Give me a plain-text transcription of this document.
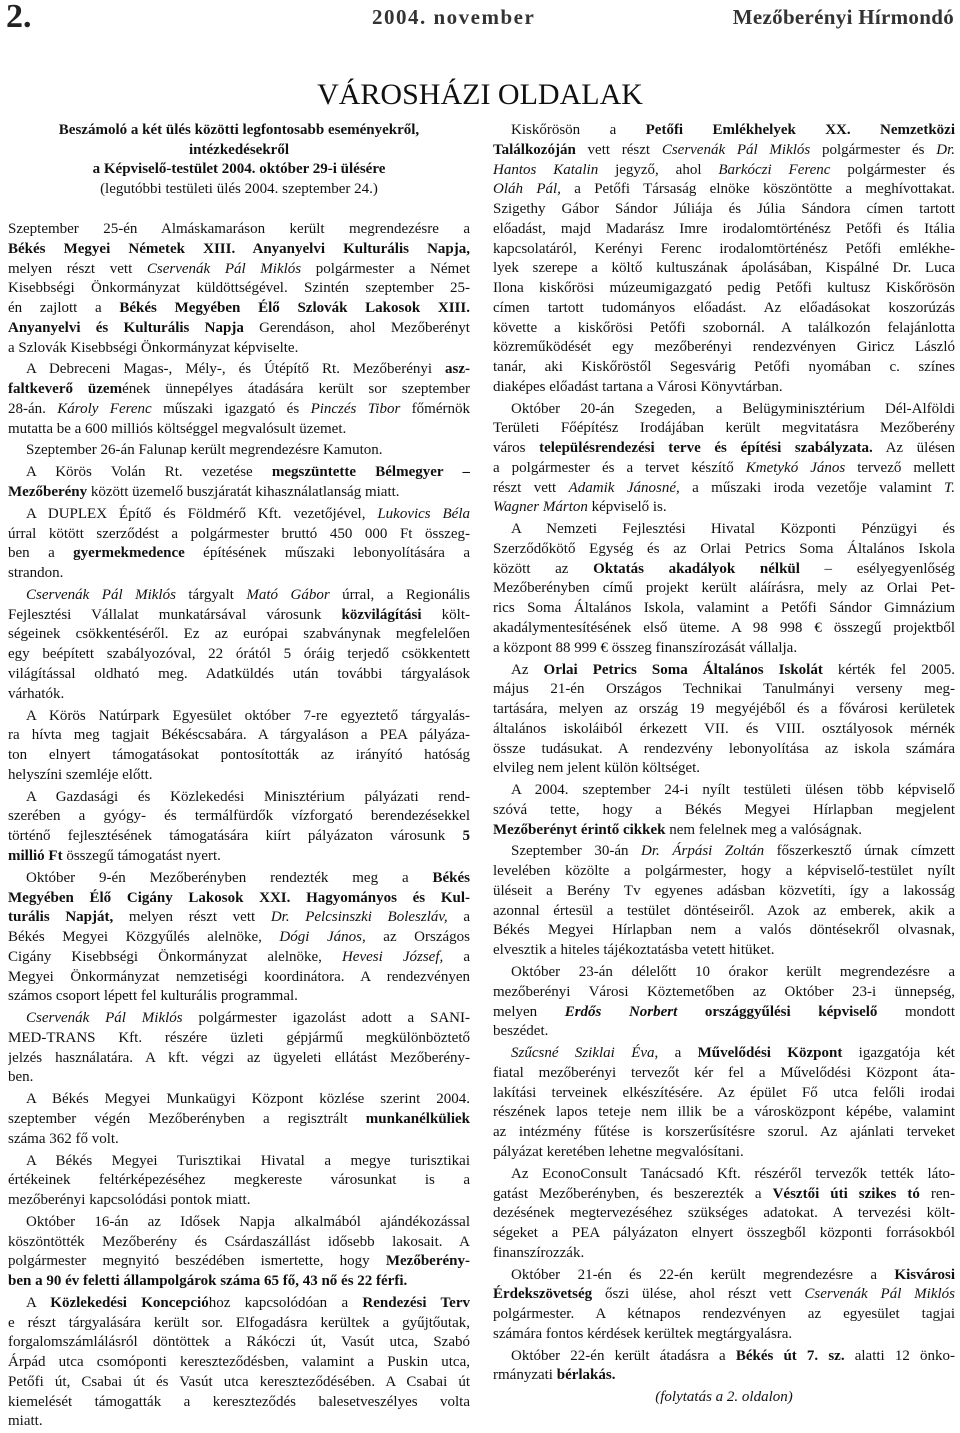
2.	2004. november	Mezőberényi Hírmondó
VÁROSHÁZI OLDALAK
Beszámoló a két ülés közötti legfontosabb eseményekről,
intézkedésekről
a Képviselő-testület 2004. október 29-i ülésére
(legutóbbi testületi ülés 2004. szeptember 24.)
Szeptember 25-én Almáskamaráson került megrendezésre a
Békés Megyei Németek XIII. Anyanyelvi Kulturális Napja,
melyen részt vett Cservenák Pál Miklós polgármester a Német
Kisebbségi Önkormányzat küldöttségével. Szintén szeptember 25-
én zajlott a Békés Megyében Élő Szlovák Lakosok XIII.
Anyanyelvi és Kulturális Napja Gerendáson, ahol Mezőberényt
a Szlovák Kisebbségi Önkormányzat képviselte.
A Debreceni Magas-, Mély-, és Útépítő Rt. Mezőberényi asz-
faltkeverő üzemének ünnepélyes átadására került sor szeptember
28-án. Károly Ferenc műszaki igazgató és Pinczés Tibor főmérnök
mutatta be a 600 milliós költséggel megvalósult üzemet.
Szeptember 26-án Falunap került megrendezésre Kamuton.
A Körös Volán Rt. vezetése megszüntette Bélmegyer –
Mezőberény között üzemelő buszjáratát kihasználatlanság miatt.
A DUPLEX Építő és Földmérő Kft. vezetőjével, Lukovics Béla
úrral kötött szerződést a polgármester bruttó 450 000 Ft összeg-
ben a gyermekmedence építésének műszaki lebonyolítására a
strandon.
Cservenák Pál Miklós tárgyalt Mató Gábor úrral, a Regionális
Fejlesztési Vállalat munkatársával városunk közvilágítási költ-
ségeinek csökkentéséről. Ez az európai szabványnak megfelelően
egy beépített szabályozóval, 22 órától 5 óráig terjedő csökkentett
világítással oldható meg. Adatküldés után további tárgyalások
várhatók.
A Körös Natúrpark Egyesület október 7-re egyeztető tárgyalás-
ra hívta meg tagjait Békéscsabára. A tárgyaláson a PEA pályáza-
ton elnyert támogatásokat pontosították az irányító hatóság
helyszíni szemléje előtt.
A Gazdasági és Közlekedési Minisztérium pályázati rend-
szerében a gyógy- és termálfürdők vízforgató berendezésekkel
történő fejlesztésének támogatására kiírt pályázaton városunk 5
millió Ft összegű támogatást nyert.
Október 9-én Mezőberényben rendezték meg a Békés
Megyében Élő Cigány Lakosok XXI. Hagyományos és Kul-
turális Napját, melyen részt vett Dr. Pelcsinszki Boleszláv, a
Békés Megyei Közgyűlés alelnöke, Dógi János, az Országos
Cigány Kisebbségi Önkormányzat alelnöke, Hevesi József, a
Megyei Önkormányzat nemzetiségi koordinátora. A rendezvényen
számos csoport lépett fel kulturális programmal.
Cservenák Pál Miklós polgármester igazolást adott a SANI-
MED-TRANS Kft. részére üzleti gépjármű megkülönböztető
jelzés használatára. A kft. végzi az ügyeleti ellátást Mezőberény-
ben.
A Békés Megyei Munkaügyi Központ közlése szerint 2004.
szeptember végén Mezőberényben a regisztrált munkanélküliek
száma 362 fő volt.
A Békés Megyei Turisztikai Hivatal a megye turisztikai
értékeinek feltérképezéséhez megkereste városunkat is a
mezőberényi kapcsolódási pontok miatt.
Október 16-án az Idősek Napja alkalmából ajándékozással
köszöntötték Mezőberény és Csárdaszállást idősebb lakosait. A
polgármester megnyitó beszédében ismertette, hogy Mezőberény-
ben a 90 év feletti állampolgárok száma 65 fő, 43 nő és 22 férfi.
A Közlekedési Koncepcióhoz kapcsolódóan a Rendezési Terv
e részt tárgyalására került sor. Elfogadásra kerültek a gyűjtőutak,
forgalomszámlálásról döntöttek a Rákóczi út, Vasút utca, Szabó
Árpád utca csomóponti kereszteződésben, valamint a Puskin utca,
Petőfi út, Csabai út és Vasút utca kereszteződésében. A Csabai út
kiemelését támogatták a kereszteződés balesetveszélyes volta
miatt.
Kiskőrösön a Petőfi Emlékhelyek XX. Nemzetközi
Találkozóján vett részt Cservenák Pál Miklós polgármester és Dr.
Hantos Katalin jegyző, ahol Barkóczi Ferenc polgármester és
Oláh Pál, a Petőfi Társaság elnöke köszöntötte a meghívottakat.
Szigethy Gábor Sándor Júliája és Júlia Sándora címen tartott
előadást, majd Madarász Imre irodalomtörténész Petőfi és Itália
kapcsolatáról, Kerényi Ferenc irodalomtörténész Petőfi emlékhe-
lyek szerepe a költő kultuszának ápolásában, Kispálné Dr. Luca
Ilona kiskőrösi múzeumigazgató pedig Petőfi kultusz Kiskőrösön
címen tartott tudományos előadást. Az előadásokat koszorúzás
követte a kiskőrösi Petőfi szobornál. A találkozón felajánlotta
közreműködését egy mezőberényi rendezvényen Giricz László
tanár, aki Kiskőröstől Segesvárig Petőfi nyomában c. színes
diaképes előadást tartana a Városi Könyvtárban.
Október 20-án Szegeden, a Belügyminisztérium Dél-Alföldi
Területi Főépítész Irodájában került megvitatásra Mezőberény
város településrendezési terve és építési szabályzata. Az ülésen
a polgármester és a tervet készítő Kmetykó János tervező mellett
részt vett Adamik Jánosné, a műszaki iroda vezetője valamint T.
Wagner Márton képviselő is.
A Nemzeti Fejlesztési Hivatal Központi Pénzügyi és
Szerződőkötő Egység és az Orlai Petrics Soma Általános Iskola
között az Oktatás akadályok nélkül – esélyegyenlőség
Mezőberényben című projekt került aláírásra, mely az Orlai Pet-
rics Soma Általános Iskola, valamint a Petőfi Sándor Gimnázium
akadálymentesítésének első üteme. A 98 998 € összegű projektből
a központ 88 999 € összeg finanszírozását vállalja.
Az Orlai Petrics Soma Általános Iskolát kérték fel 2005.
május 21-én Országos Technikai Tanulmányi verseny meg-
tartására, melyen az ország 19 megyéjéből és a fővárosi kerületek
általános iskoláiból érkezett VII. és VIII. osztályosok mérnék
össze tudásukat. A rendezvény lebonyolítása az iskola számára
elvileg nem jelent külön költséget.
A 2004. szeptember 24-i nyílt testületi ülésen több képviselő
szóvá tette, hogy a Békés Megyei Hírlapban megjelent
Mezőberényt érintő cikkek nem felelnek meg a valóságnak.
Szeptember 30-án Dr. Árpási Zoltán főszerkesztő úrnak címzett
levelében közölte a polgármester, hogy a képviselő-testület nyílt
üléseit a Berény Tv egyenes adásban közvetíti, így a lakosság
azonnal értesül a testület döntéseiről. Azok az emberek, akik a
Békés Megyei Hírlapban nem a valós döntésekről olvasnak,
elvesztik a hiteles tájékoztatásba vetett hitüket.
Október 23-án délelőtt 10 órakor került megrendezésre a
mezőberényi Városi Köztemetőben az Október 23-i ünnepség,
melyen Erdős Norbert országgyűlési képviselő mondott
beszédet.
Szűcsné Sziklai Éva, a Művelődési Központ igazgatója két
fiatal mezőberényi tervezőt kér fel a Művelődési Központ áta-
lakítási terveinek elkészítésére. Az épület Fő utca felőli irodai
részének lapos teteje nem illik be a városközpont képébe, valamint
az intézmény fűtése is korszerűsítésre szorul. Az ajánlati terveket
pályázat keretében lehetne megvalósítani.
Az EconoConsult Tanácsadó Kft. részéről tervezők tették láto-
gatást Mezőberényben, és beszerezték a Vésztői úti szikes tó ren-
dezésének megtervezéséhez szükséges adatokat. A tervezési költ-
ségeket a PEA pályázaton elnyert összegből központi forrásokból
finanszírozzák.
Október 21-én és 22-én került megrendezésre a Kisvárosi
Érdekszövetség őszi ülése, ahol részt vett Cservenák Pál Miklós
polgármester. A kétnapos rendezvényen az egyesület tagjai
számára fontos kérdések kerültek megtárgyalásra.
Október 22-én került átadásra a Békés út 7. sz. alatti 12 önko-
rmányzati bérlakás.
(folytatás a 2. oldalon)
